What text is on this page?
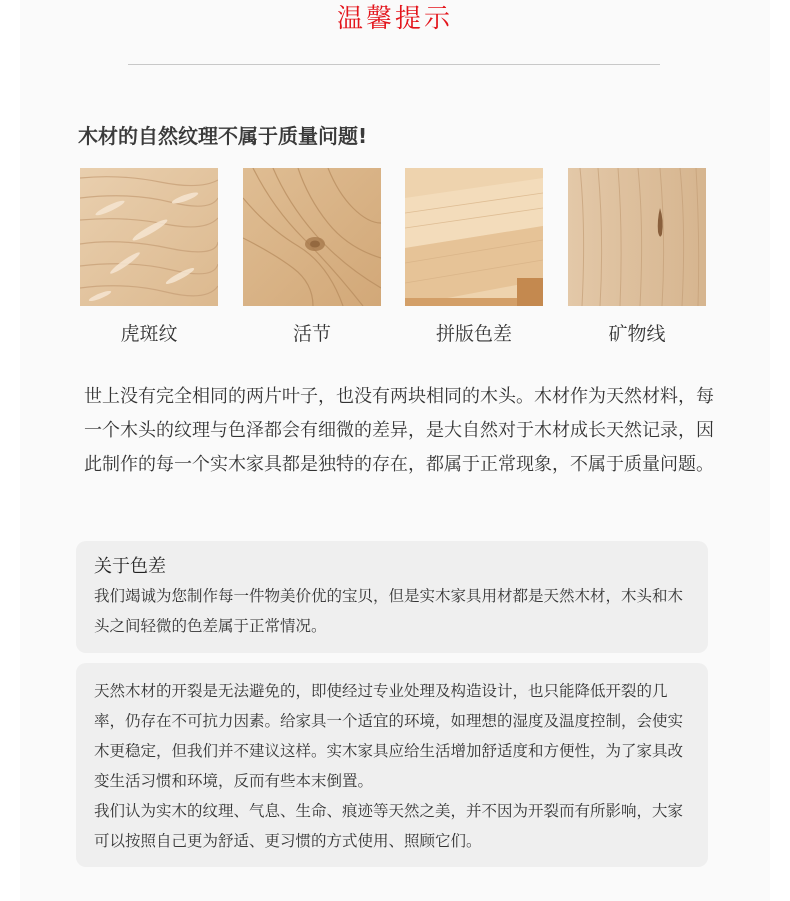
温馨提示
木材的自然纹理不属于质量问题!
虎斑纹	活节	拼版色差	矿物线

世上没有完全相同的两片叶子，也没有两块相同的木头。木材作为天然材料，每一个木头的纹理与色泽都会有细微的差异，是大自然对于木材成长天然记录，因此制作的每一个实木家具都是独特的存在，都属于正常现象，不属于质量问题。

关于色差

我们竭诚为您制作每一件物美价优的宝贝，但是实木家具用材都是天然木材，木头和木头之间轻微的色差属于正常情况。

天然木材的开裂是无法避免的，即使经过专业处理及构造设计，也只能降低开裂的几率，仍存在不可抗力因素。给家具一个适宜的环境，如理想的湿度及温度控制，会使实木更稳定，但我们并不建议这样。实木家具应给生活增加舒适度和方便性，为了家具改变生活习惯和环境，反而有些本末倒置。

我们认为实木的纹理、气息、生命、痕迹等天然之美，并不因为开裂而有所影响，大家可以按照自己更为舒适、更习惯的方式使用、照顾它们。
